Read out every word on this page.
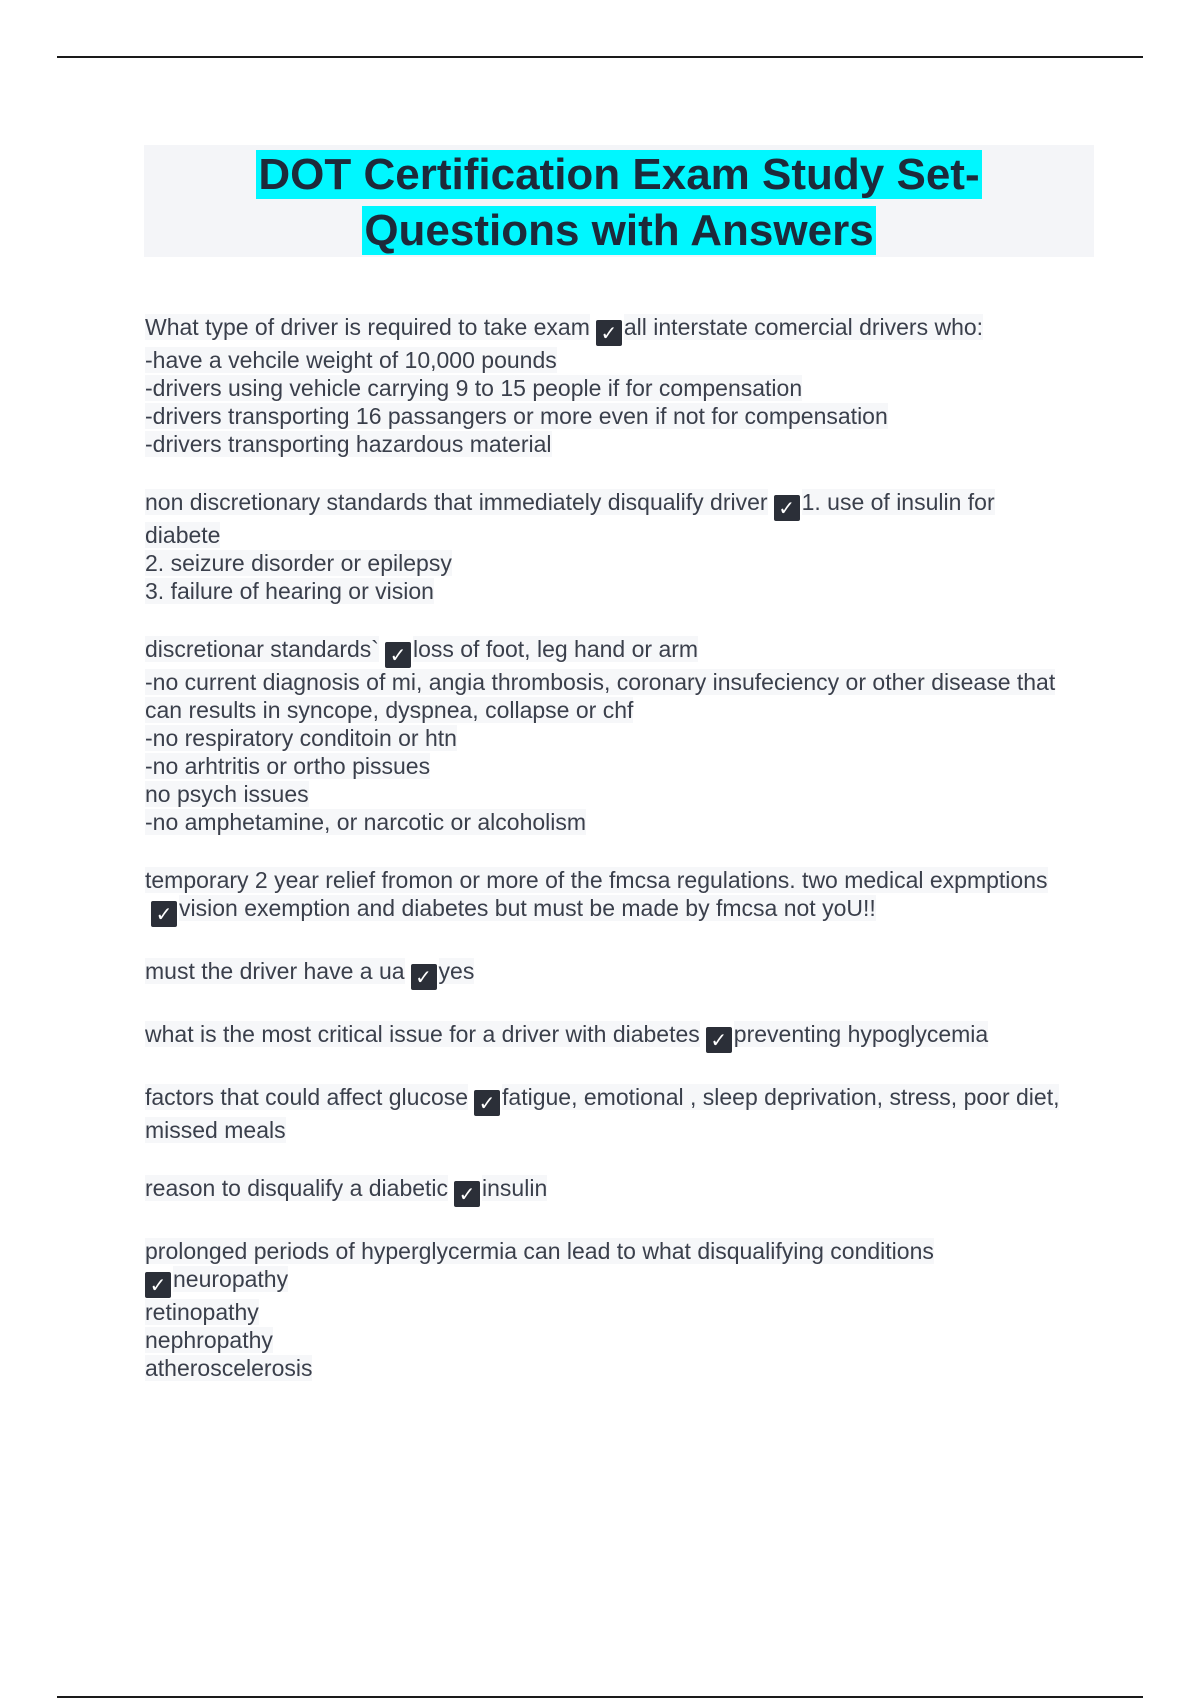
DOT Certification Exam Study Set-
Questions with Answers
What type of driver is required to take exam ✓ all interstate comercial drivers who:
-have a vehcile weight of 10,000 pounds
-drivers using vehicle carrying 9 to 15 people if for compensation
-drivers transporting 16 passangers or more even if not for compensation
-drivers transporting hazardous material
non discretionary standards that immediately disqualify driver ✓ 1. use of insulin for diabete
2. seizure disorder or epilepsy
3. failure of hearing or vision
discretionar standards` ✓ loss of foot, leg hand or arm
-no current diagnosis of mi, angia thrombosis, coronary insufeciency or other disease that can results in syncope, dyspnea, collapse or chf
-no respiratory conditoin or htn
-no arhtritis or ortho pissues
no psych issues
-no amphetamine, or narcotic or alcoholism
temporary 2 year relief fromon or more of the fmcsa regulations. two medical expmptions✓ vision exemption and diabetes but must be made by fmcsa not yoU!!
must the driver have a ua ✓ yes
what is the most critical issue for a driver with diabetes ✓ preventing hypoglycemia
factors that could affect glucose ✓ fatigue, emotional , sleep deprivation, stress, poor diet, missed meals
reason to disqualify a diabetic ✓ insulin
prolonged periods of hyperglycermia can lead to what disqualifying conditions
✓ neuropathy
retinopathy
nephropathy
atheroscelerosis
